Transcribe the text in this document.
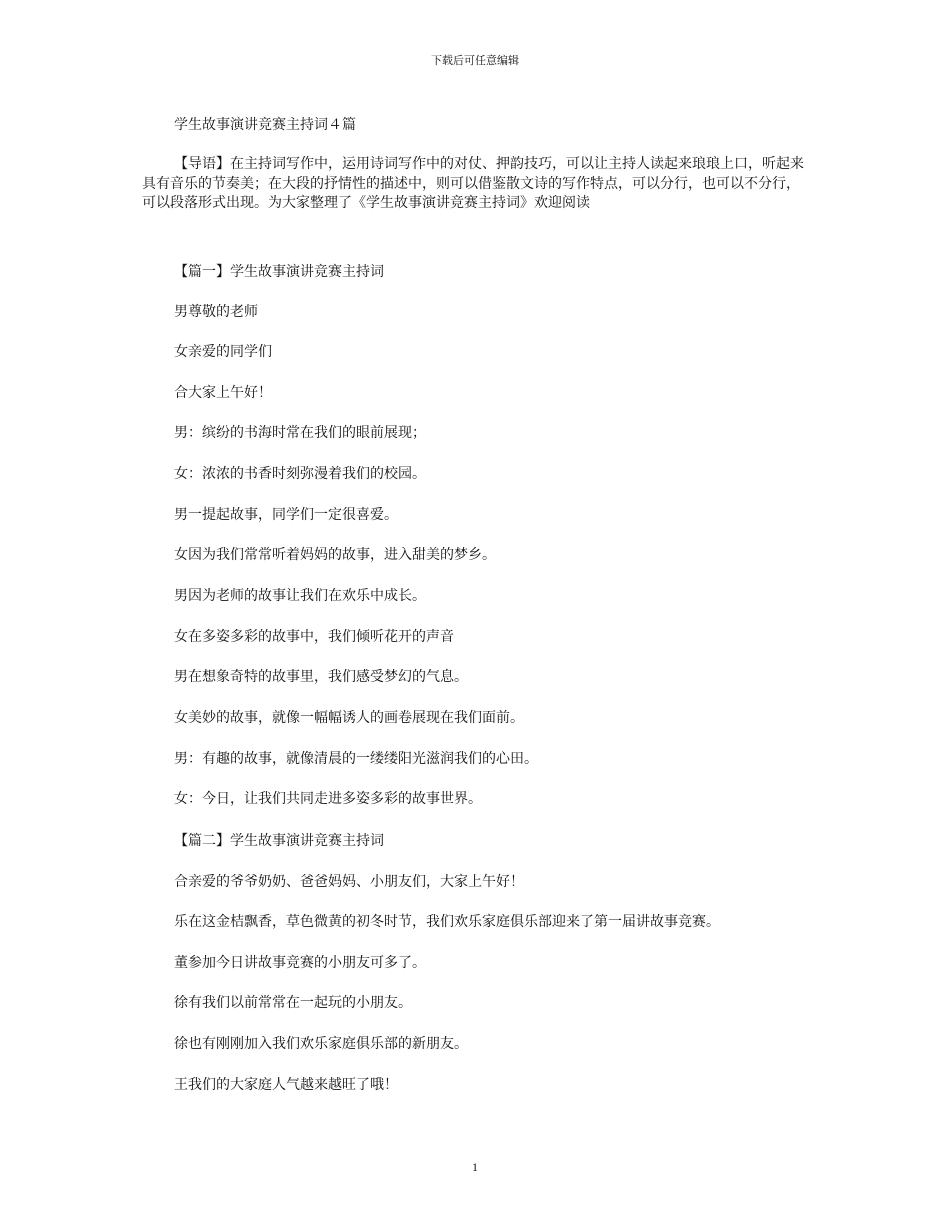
下载后可任意编辑
学生故事演讲竞赛主持词４篇

【导语】在主持词写作中，运用诗词写作中的对仗、押韵技巧，可以让主持人读起来琅琅上口，听起来具有音乐的节奏美；在大段的抒情性的描述中，则可以借鉴散文诗的写作特点，可以分行，也可以不分行，可以段落形式出现。为大家整理了《学生故事演讲竞赛主持词》欢迎阅读

【篇一】学生故事演讲竞赛主持词
男尊敬的老师
女亲爱的同学们
合大家上午好！
男：缤纷的书海时常在我们的眼前展现；
女：浓浓的书香时刻弥漫着我们的校园。
男一提起故事，同学们一定很喜爱。
女因为我们常常听着妈妈的故事，进入甜美的梦乡。
男因为老师的故事让我们在欢乐中成长。
女在多姿多彩的故事中，我们倾听花开的声音
男在想象奇特的故事里，我们感受梦幻的气息。
女美妙的故事，就像一幅幅诱人的画卷展现在我们面前。
男：有趣的故事，就像清晨的一缕缕阳光滋润我们的心田。
女：今日，让我们共同走进多姿多彩的故事世界。
【篇二】学生故事演讲竞赛主持词
合亲爱的爷爷奶奶、爸爸妈妈、小朋友们，大家上午好！
乐在这金桔飘香，草色微黄的初冬时节，我们欢乐家庭俱乐部迎来了第一届讲故事竞赛。
董参加今日讲故事竞赛的小朋友可多了。
徐有我们以前常常在一起玩的小朋友。
徐也有刚刚加入我们欢乐家庭俱乐部的新朋友。
王我们的大家庭人气越来越旺了哦！
1
